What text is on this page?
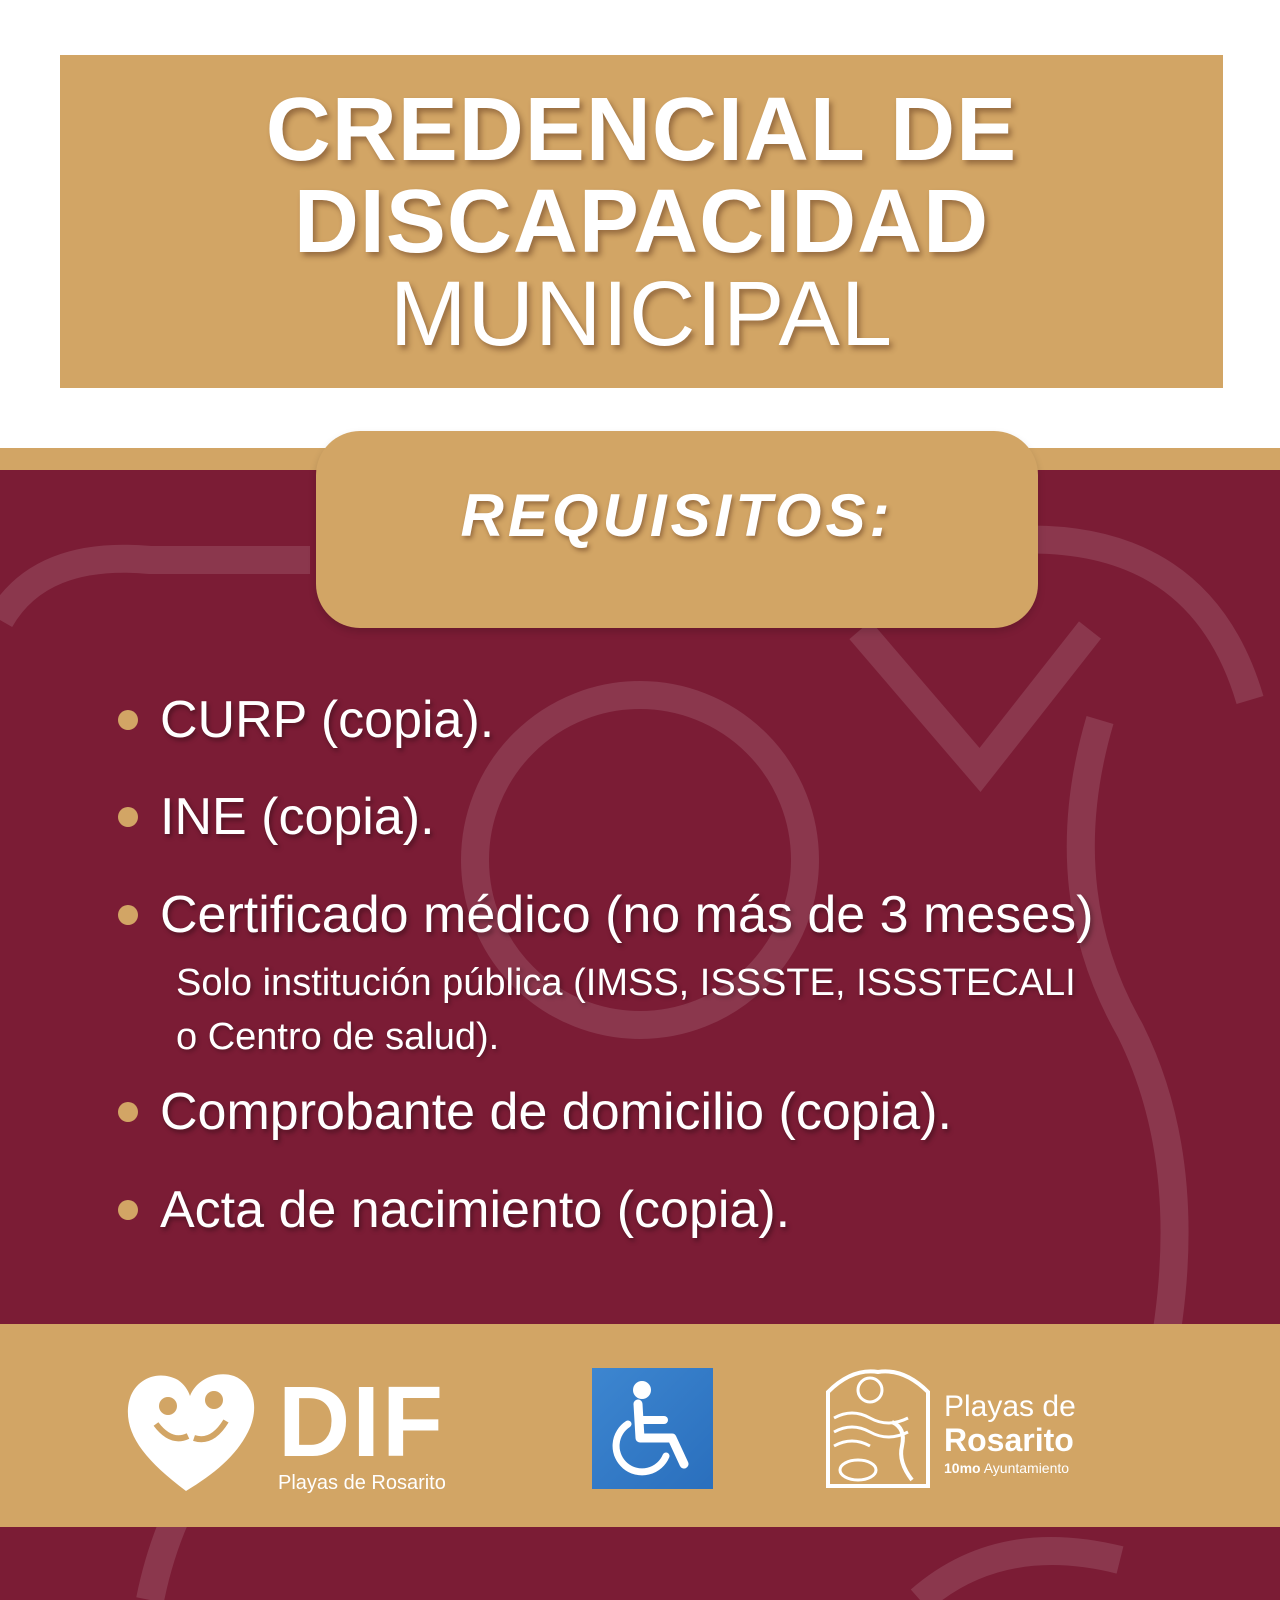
CREDENCIAL DE
DISCAPACIDAD
MUNICIPAL
REQUISITOS:
CURP (copia).
INE (copia).
Certificado médico (no más de 3 meses)
Solo institución pública (IMSS, ISSSTE, ISSSTECALI
o Centro de salud).
Comprobante de domicilio (copia).
Acta de nacimiento (copia).
DIF
Playas de Rosarito
Playas de
Rosarito
10mo Ayuntamiento
